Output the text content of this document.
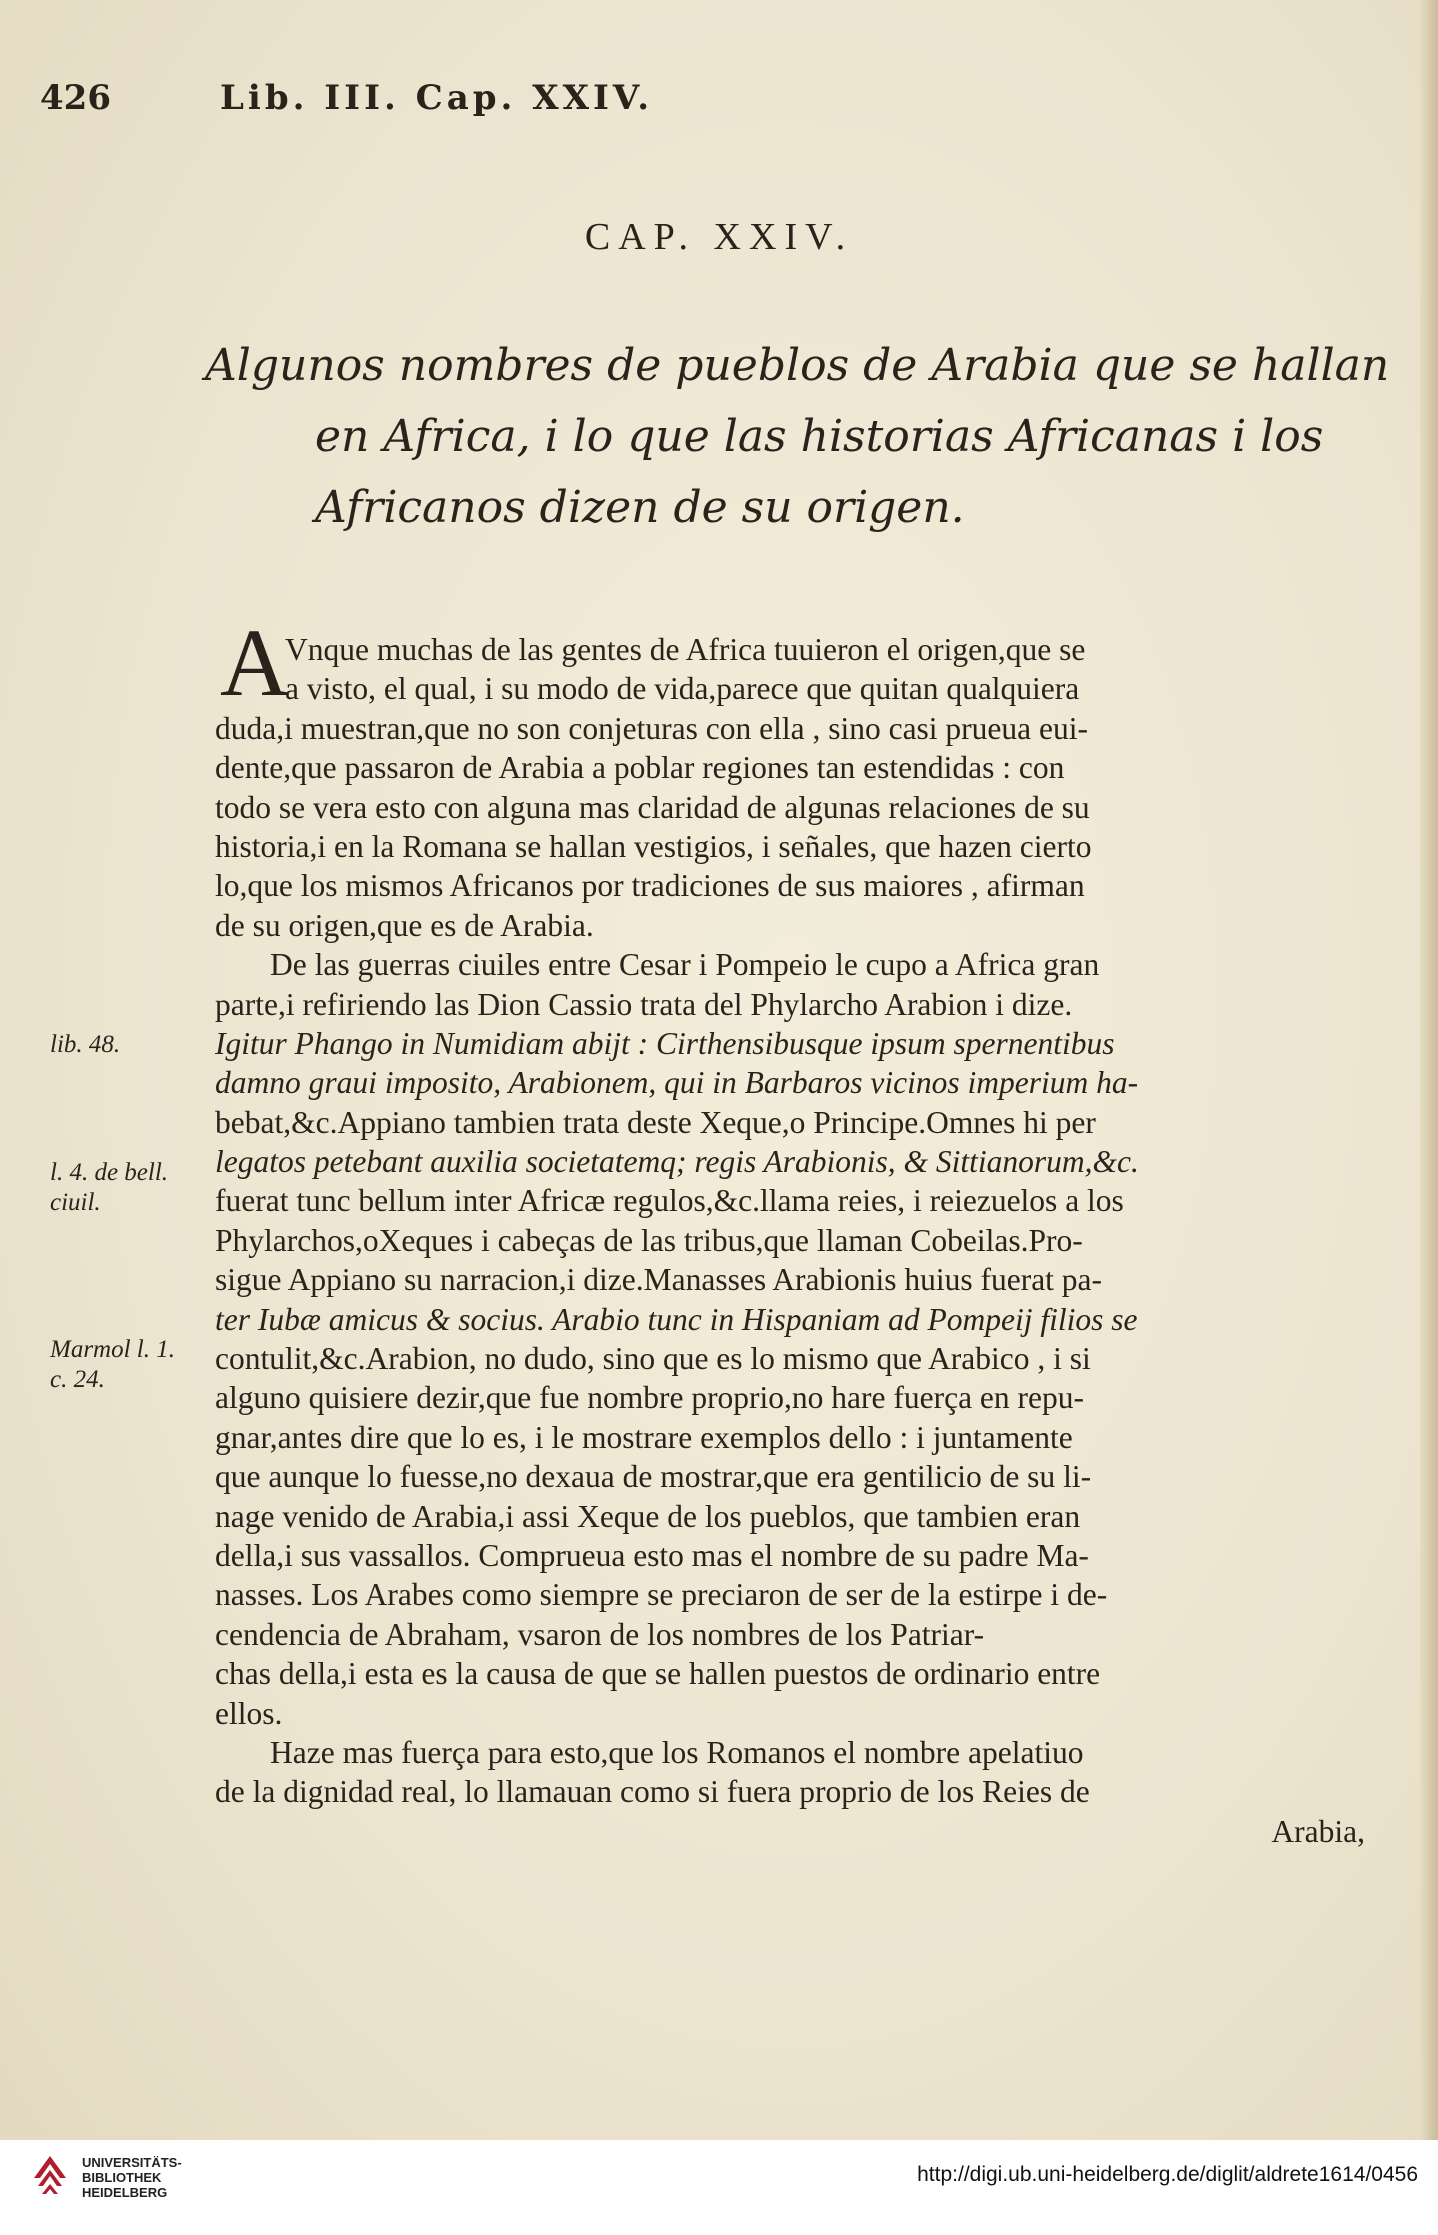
426	Lib. III. Cap. XXIV.
CAP. XXIV.
Algunos nombres de pueblos de Arabia que se hallan
en Africa, i lo que las historias Africanas i los
Africanos dizen de su origen.
A
Vnque muchas de las gentes de Africa tuuieron el origen,que se
a visto, el qual, i su modo de vida,parece que quitan qualquiera
duda,i muestran,que no son conjeturas con ella , sino casi prueua eui-
dente,que passaron de Arabia a poblar regiones tan estendidas : con
todo se vera esto con alguna mas claridad de algunas relaciones de su
historia,i en la Romana se hallan vestigios, i señales, que hazen cierto
lo,que los mismos Africanos por tradiciones de sus maiores , afirman
de su origen,que es de Arabia.
De las guerras ciuiles entre Cesar i Pompeio le cupo a Africa gran
parte,i refiriendo las Dion Cassio trata del Phylarcho Arabion i dize.
Igitur Phango in Numidiam abijt : Cirthensibusque ipsum spernentibus
damno graui imposito, Arabionem, qui in Barbaros vicinos imperium ha-
bebat,&c.Appiano tambien trata deste Xeque,o Principe.Omnes hi per
legatos petebant auxilia societatemq; regis Arabionis, & Sittianorum,&c.
fuerat tunc bellum inter Africæ regulos,&c.llama reies, i reiezuelos a los
Phylarchos,oXeques i cabeças de las tribus,que llaman Cobeilas.Pro-
sigue Appiano su narracion,i dize.Manasses Arabionis huius fuerat pa-
ter Iubæ amicus & socius. Arabio tunc in Hispaniam ad Pompeij filios se
contulit,&c.Arabion, no dudo, sino que es lo mismo que Arabico , i si
alguno quisiere dezir,que fue nombre proprio,no hare fuerça en repu-
gnar,antes dire que lo es, i le mostrare exemplos dello : i juntamente
que aunque lo fuesse,no dexaua de mostrar,que era gentilicio de su li-
nage venido de Arabia,i assi Xeque de los pueblos, que tambien eran
della,i sus vassallos. Comprueua esto mas el nombre de su padre Ma-
nasses. Los Arabes como siempre se preciaron de ser de la estirpe i de-
cendencia de Abraham, vsaron de los nombres de los Patriar-
chas della,i esta es la causa de que se hallen puestos de ordinario entre
ellos.
Haze mas fuerça para esto,que los Romanos el nombre apelatiuo
de la dignidad real, lo llamauan como si fuera proprio de los Reies de
Arabia,
lib. 48.
l. 4. de bell. ciuil.
Marmol l. 1. c. 24.
UNIVERSITÄTS-
BIBLIOTHEK
HEIDELBERG
http://digi.ub.uni-heidelberg.de/diglit/aldrete1614/0456
